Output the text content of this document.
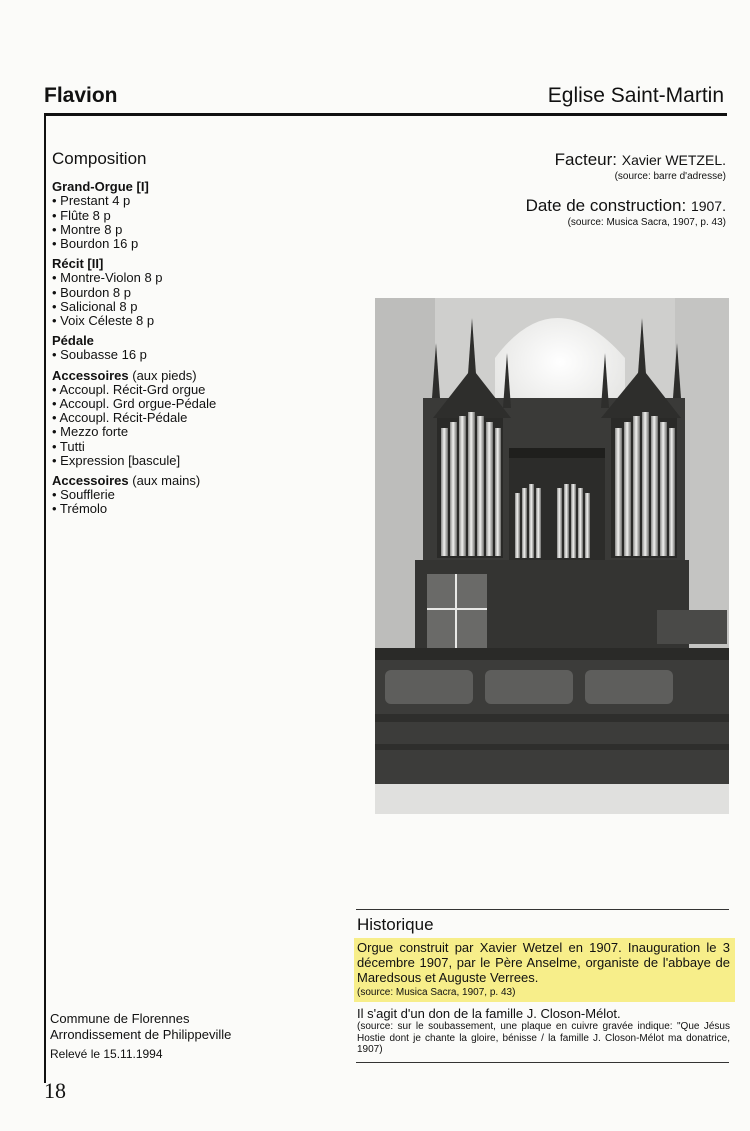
Flavion	Eglise Saint-Martin
Composition
Grand-Orgue [I]
• Prestant 4 p
• Flûte 8 p
• Montre 8 p
• Bourdon 16 p
Récit [II]
• Montre-Violon 8 p
• Bourdon 8 p
• Salicional 8 p
• Voix Céleste 8 p
Pédale
• Soubasse 16 p
Accessoires (aux pieds)
• Accoupl. Récit-Grd orgue
• Accoupl. Grd orgue-Pédale
• Accoupl. Récit-Pédale
• Mezzo forte
• Tutti
• Expression [bascule]
Accessoires (aux mains)
• Soufflerie
• Trémolo
Facteur: Xavier WETZEL.
(source: barre d'adresse)
Date de construction: 1907.
(source: Musica Sacra, 1907, p. 43)
Historique
Orgue construit par Xavier Wetzel en 1907. Inauguration le 3 décembre 1907, par le Père Anselme, organiste de l'abbaye de Maredsous et Auguste Verrees.
(source: Musica Sacra, 1907, p. 43)
Il s'agit d'un don de la famille J. Closon-Mélot.
(source: sur le soubassement, une plaque en cuivre gravée indique: "Que Jésus Hostie dont je chante la gloire, bénisse / la famille J. Closon-Mélot ma donatrice, 1907)
Commune de Florennes
Arrondissement de Philippeville
Relevé le 15.11.1994
18
